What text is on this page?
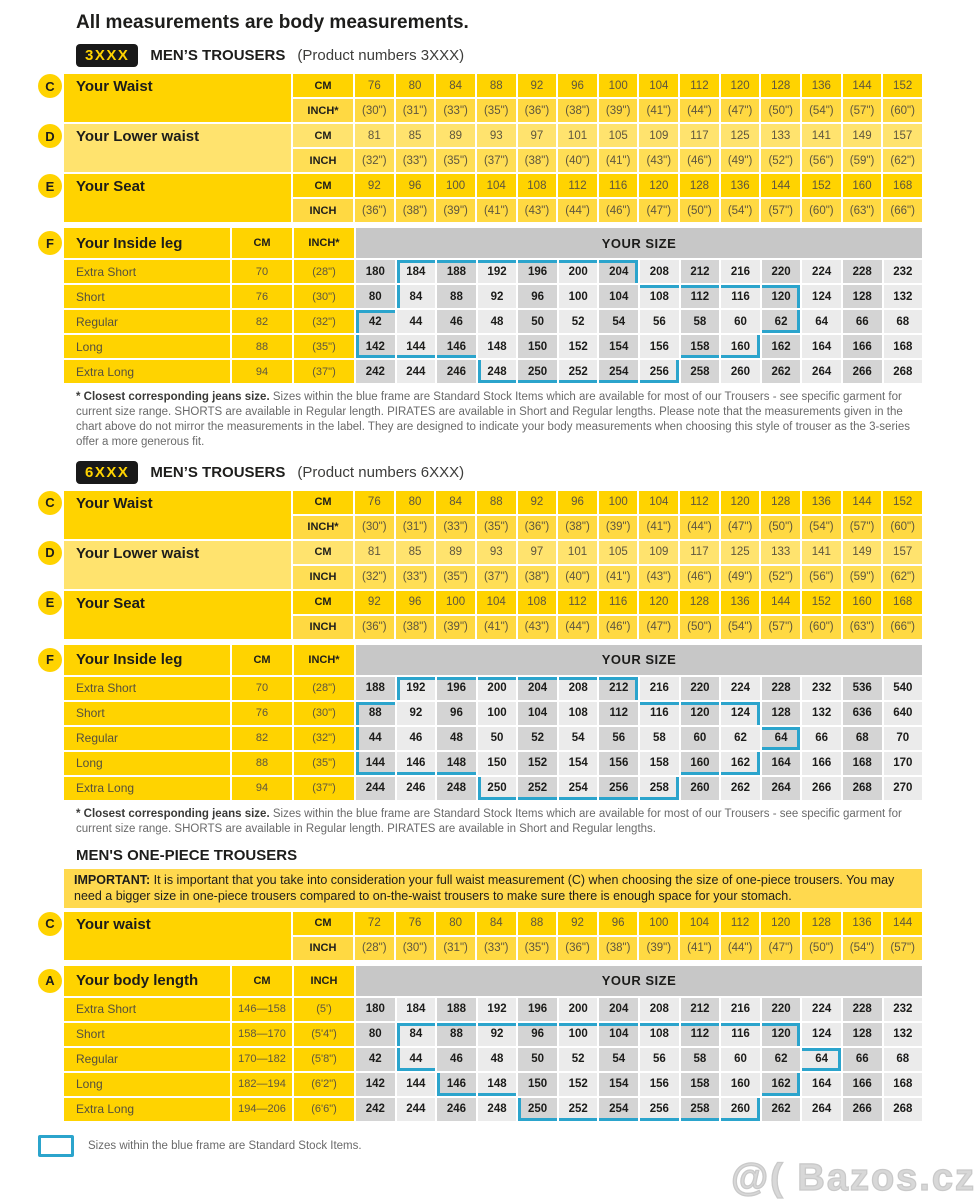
All measurements are body measurements.
3XXX	MEN’S TROUSERS (Product numbers 3XXX)
C	Your Waist	CM	76	80	84	88	92	96	100	104	112	120	128	136	144	152
INCH*	(30")	(31")	(33")	(35")	(36")	(38")	(39")	(41")	(44")	(47")	(50")	(54")	(57")	(60")
D	Your Lower waist	CM	81	85	89	93	97	101	105	109	117	125	133	141	149	157
INCH	(32")	(33")	(35")	(37")	(38")	(40")	(41")	(43")	(46")	(49")	(52")	(56")	(59")	(62")
E	Your Seat	CM	92	96	100	104	108	112	116	120	128	136	144	152	160	168
INCH	(36")	(38")	(39")	(41")	(43")	(44")	(46")	(47")	(50")	(54")	(57")	(60")	(63")	(66")
F	Your Inside leg	CM	INCH*	YOUR SIZE
Extra Short	70	(28")	180	184	188	192	196	200	204	208	212	216	220	224	228	232
Short	76	(30")	80	84	88	92	96	100	104	108	112	116	120	124	128	132
Regular	82	(32")	42	44	46	48	50	52	54	56	58	60	62	64	66	68
Long	88	(35")	142	144	146	148	150	152	154	156	158	160	162	164	166	168
Extra Long	94	(37")	242	244	246	248	250	252	254	256	258	260	262	264	266	268
* Closest corresponding jeans size. Sizes within the blue frame are Standard Stock Items which are available for most of our Trousers - see specific garment for current size range. SHORTS are available in Regular length. PIRATES are available in Short and Regular lengths. Please note that the measurements given in the chart above do not mirror the measurements in the label. They are designed to indicate your body measurements when choosing this style of trouser as the 3-series offer a more generous fit.
6XXX	MEN’S TROUSERS (Product numbers 6XXX)
C	Your Waist	CM	76	80	84	88	92	96	100	104	112	120	128	136	144	152
INCH*	(30")	(31")	(33")	(35")	(36")	(38")	(39")	(41")	(44")	(47")	(50")	(54")	(57")	(60")
D	Your Lower waist	CM	81	85	89	93	97	101	105	109	117	125	133	141	149	157
INCH	(32")	(33")	(35")	(37")	(38")	(40")	(41")	(43")	(46")	(49")	(52")	(56")	(59")	(62")
E	Your Seat	CM	92	96	100	104	108	112	116	120	128	136	144	152	160	168
INCH	(36")	(38")	(39")	(41")	(43")	(44")	(46")	(47")	(50")	(54")	(57")	(60")	(63")	(66")
F	Your Inside leg	CM	INCH*	YOUR SIZE
Extra Short	70	(28")	188	192	196	200	204	208	212	216	220	224	228	232	536	540
Short	76	(30")	88	92	96	100	104	108	112	116	120	124	128	132	636	640
Regular	82	(32")	44	46	48	50	52	54	56	58	60	62	64	66	68	70
Long	88	(35")	144	146	148	150	152	154	156	158	160	162	164	166	168	170
Extra Long	94	(37")	244	246	248	250	252	254	256	258	260	262	264	266	268	270
* Closest corresponding jeans size. Sizes within the blue frame are Standard Stock Items which are available for most of our Trousers - see specific garment for current size range. SHORTS are available in Regular length. PIRATES are available in Short and Regular lengths.
MEN'S ONE-PIECE TROUSERS
IMPORTANT: It is important that you take into consideration your full waist measurement (C) when choosing the size of one-piece trousers. You may need a bigger size in one-piece trousers compared to on-the-waist trousers to make sure there is enough space for your stomach.
C	Your waist	CM	72	76	80	84	88	92	96	100	104	112	120	128	136	144
INCH	(28")	(30")	(31")	(33")	(35")	(36")	(38")	(39")	(41")	(44")	(47")	(50")	(54")	(57")
A	Your body length	CM	INCH	YOUR SIZE
Extra Short	146—158	(5')	180	184	188	192	196	200	204	208	212	216	220	224	228	232
Short	158—170	(5'4")	80	84	88	92	96	100	104	108	112	116	120	124	128	132
Regular	170—182	(5'8")	42	44	46	48	50	52	54	56	58	60	62	64	66	68
Long	182—194	(6'2")	142	144	146	148	150	152	154	156	158	160	162	164	166	168
Extra Long	194—206	(6'6")	242	244	246	248	250	252	254	256	258	260	262	264	266	268
Sizes within the blue frame are Standard Stock Items.
@( Bazos.cz
